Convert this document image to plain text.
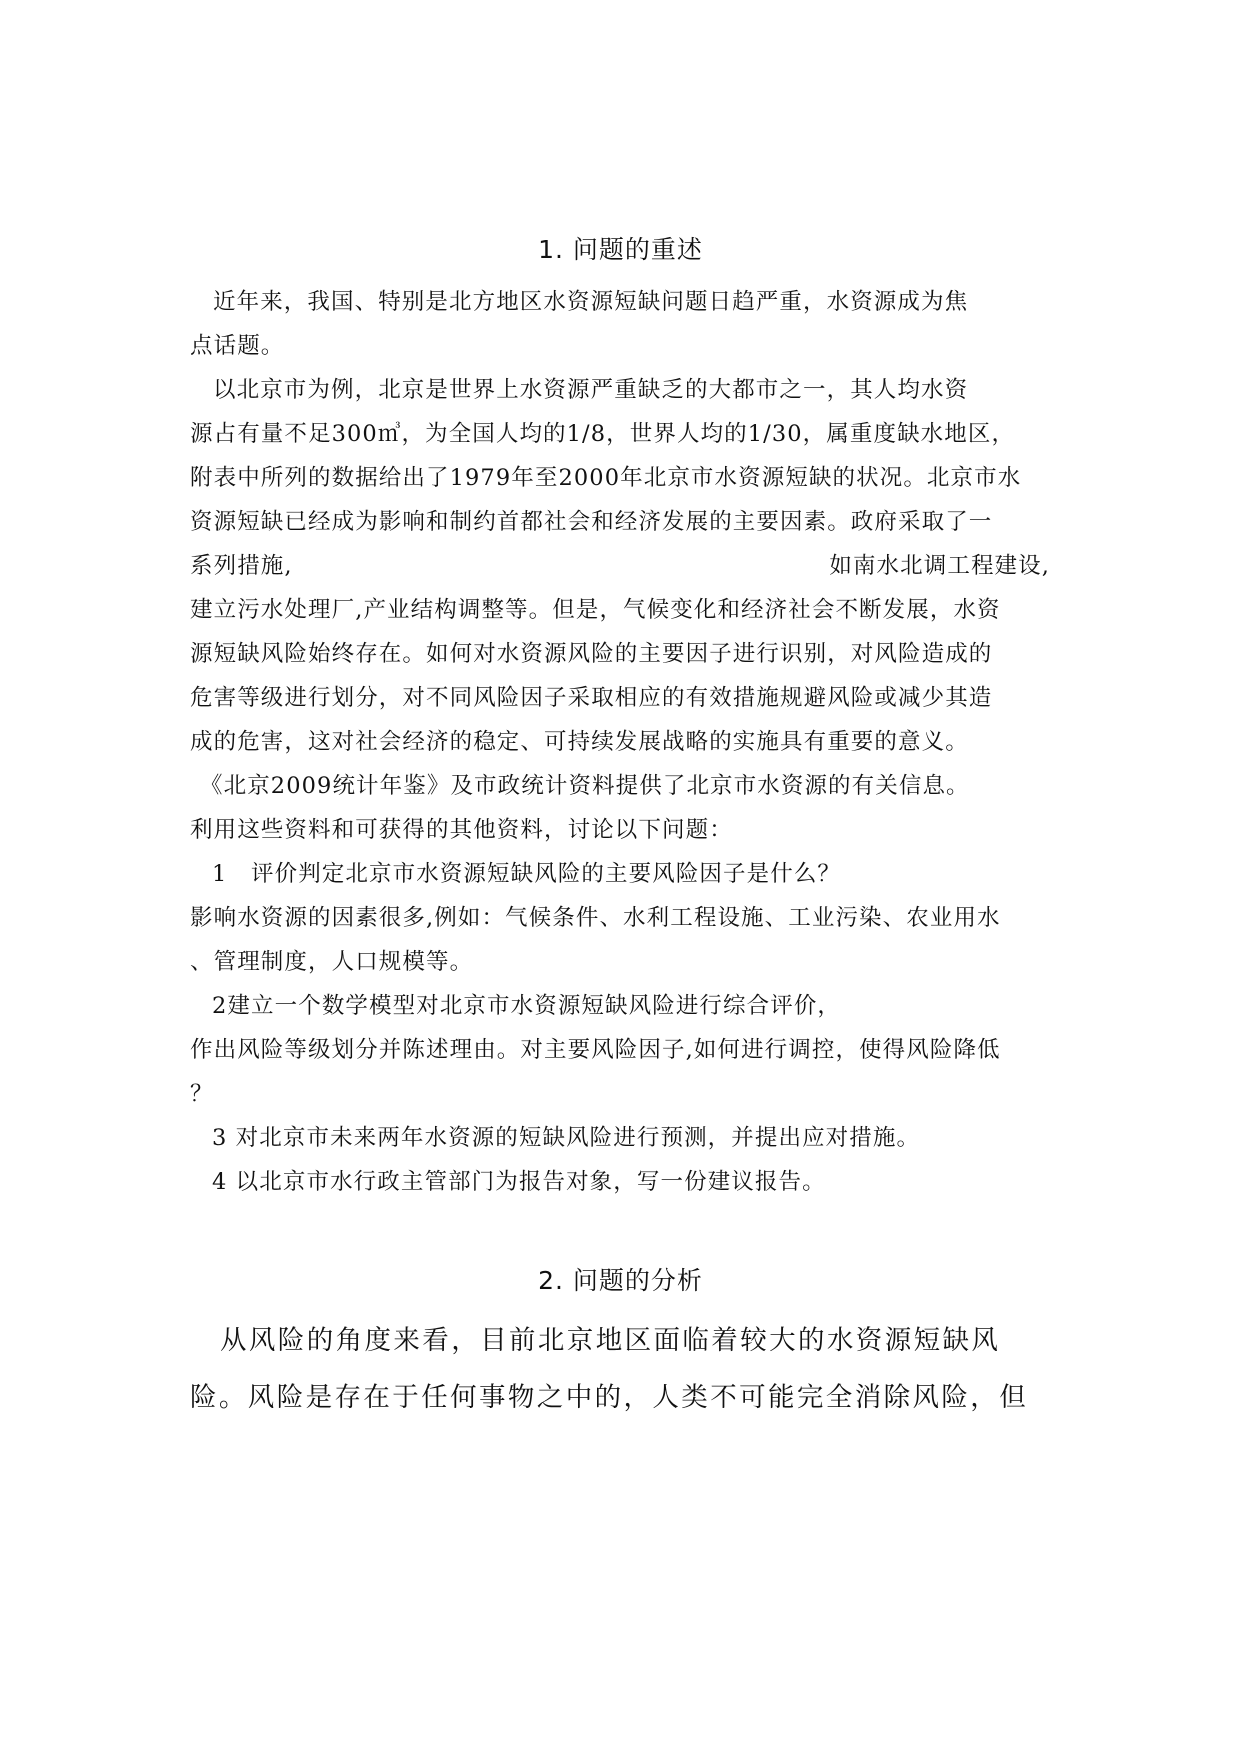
1. 问题的重述
近年来，我国、特别是北方地区水资源短缺问题日趋严重，水资源成为焦
点话题。
以北京市为例，北京是世界上水资源严重缺乏的大都市之一，其人均水资
源占有量不足300㎥，为全国人均的1/8，世界人均的1/30，属重度缺水地区，
附表中所列的数据给出了1979年至2000年北京市水资源短缺的状况。北京市水
资源短缺已经成为影响和制约首都社会和经济发展的主要因素。政府采取了一
系列措施,	如南水北调工程建设,
建立污水处理厂,产业结构调整等。但是，气候变化和经济社会不断发展，水资
源短缺风险始终存在。如何对水资源风险的主要因子进行识别，对风险造成的
危害等级进行划分，对不同风险因子采取相应的有效措施规避风险或减少其造
成的危害，这对社会经济的稳定、可持续发展战略的实施具有重要的意义。
《北京2009统计年鉴》及市政统计资料提供了北京市水资源的有关信息。
利用这些资料和可获得的其他资料，讨论以下问题：
1　评价判定北京市水资源短缺风险的主要风险因子是什么？
影响水资源的因素很多,例如：气候条件、水利工程设施、工业污染、农业用水
、管理制度，人口规模等。
2建立一个数学模型对北京市水资源短缺风险进行综合评价，
作出风险等级划分并陈述理由。对主要风险因子,如何进行调控，使得风险降低
？
3 对北京市未来两年水资源的短缺风险进行预测，并提出应对措施。
4 以北京市水行政主管部门为报告对象，写一份建议报告。
2. 问题的分析
从风险的角度来看，目前北京地区面临着较大的水资源短缺风
险。风险是存在于任何事物之中的，人类不可能完全消除风险，但
